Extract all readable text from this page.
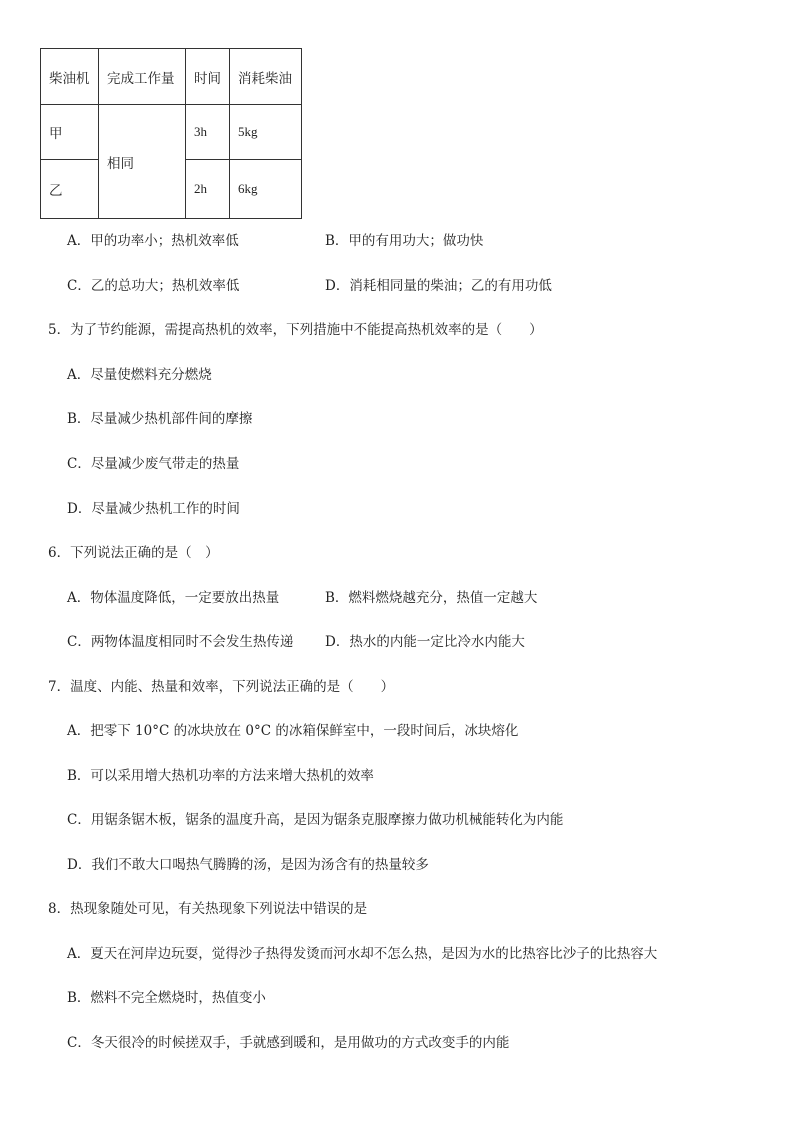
柴油机	完成工作量	时间	消耗柴油
甲	相同	3h	5kg
乙		2h	6kg
A．甲的功率小；热机效率低	B．甲的有用功大；做功快
C．乙的总功大；热机效率低	D．消耗相同量的柴油；乙的有用功低
5．为了节约能源，需提高热机的效率，下列措施中不能提高热机效率的是（　　）
A．尽量使燃料充分燃烧
B．尽量减少热机部件间的摩擦
C．尽量减少废气带走的热量
D．尽量减少热机工作的时间
6．下列说法正确的是（　）
A．物体温度降低，一定要放出热量	B．燃料燃烧越充分，热值一定越大
C．两物体温度相同时不会发生热传递 D．热水的内能一定比冷水内能大
7．温度、内能、热量和效率，下列说法正确的是（　　）
A．把零下 10°C 的冰块放在 0°C 的冰箱保鲜室中，一段时间后，冰块熔化
B．可以采用增大热机功率的方法来增大热机的效率
C．用锯条锯木板，锯条的温度升高，是因为锯条克服摩擦力做功机械能转化为内能
D．我们不敢大口喝热气腾腾的汤，是因为汤含有的热量较多
8．热现象随处可见，有关热现象下列说法中错误的是
A．夏天在河岸边玩耍，觉得沙子热得发烫而河水却不怎么热，是因为水的比热容比沙子的比热容大
B．燃料不完全燃烧时，热值变小
C．冬天很冷的时候搓双手，手就感到暖和，是用做功的方式改变手的内能
